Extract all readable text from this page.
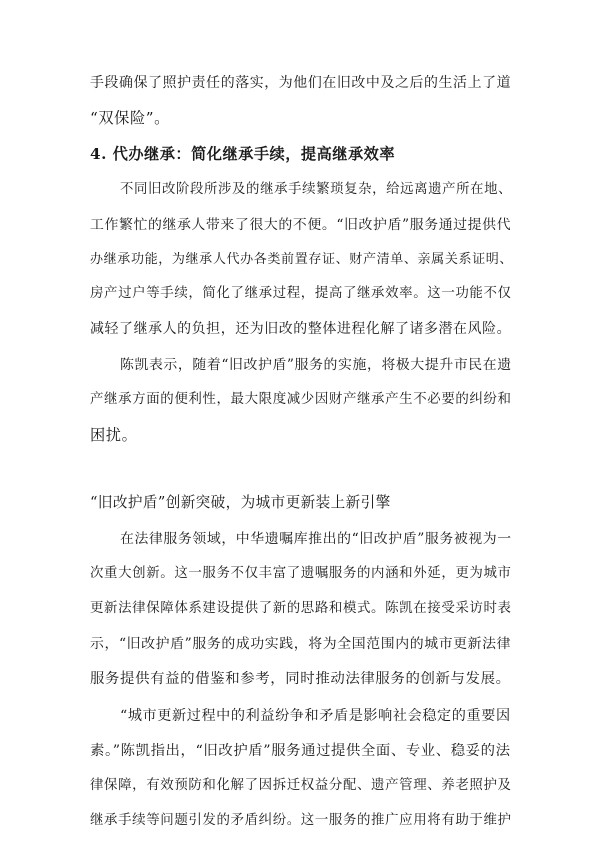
手段确保了照护责任的落实，为他们在旧改中及之后的生活上了道
“双保险”。
4. 代办继承：简化继承手续，提高继承效率
不同旧改阶段所涉及的继承手续繁琐复杂，给远离遗产所在地、
工作繁忙的继承人带来了很大的不便。“旧改护盾”服务通过提供代
办继承功能，为继承人代办各类前置存证、财产清单、亲属关系证明、
房产过户等手续，简化了继承过程，提高了继承效率。这一功能不仅
减轻了继承人的负担，还为旧改的整体进程化解了诸多潜在风险。
陈凯表示，随着“旧改护盾”服务的实施，将极大提升市民在遗
产继承方面的便利性，最大限度减少因财产继承产生不必要的纠纷和
困扰。
“旧改护盾”创新突破，为城市更新装上新引擎
在法律服务领域，中华遗嘱库推出的“旧改护盾”服务被视为一
次重大创新。这一服务不仅丰富了遗嘱服务的内涵和外延，更为城市
更新法律保障体系建设提供了新的思路和模式。陈凯在接受采访时表
示，“旧改护盾”服务的成功实践，将为全国范围内的城市更新法律
服务提供有益的借鉴和参考，同时推动法律服务的创新与发展。
“城市更新过程中的利益纷争和矛盾是影响社会稳定的重要因
素。”陈凯指出，“旧改护盾”服务通过提供全面、专业、稳妥的法
律保障，有效预防和化解了因拆迁权益分配、遗产管理、养老照护及
继承手续等问题引发的矛盾纠纷。这一服务的推广应用将有助于维护
